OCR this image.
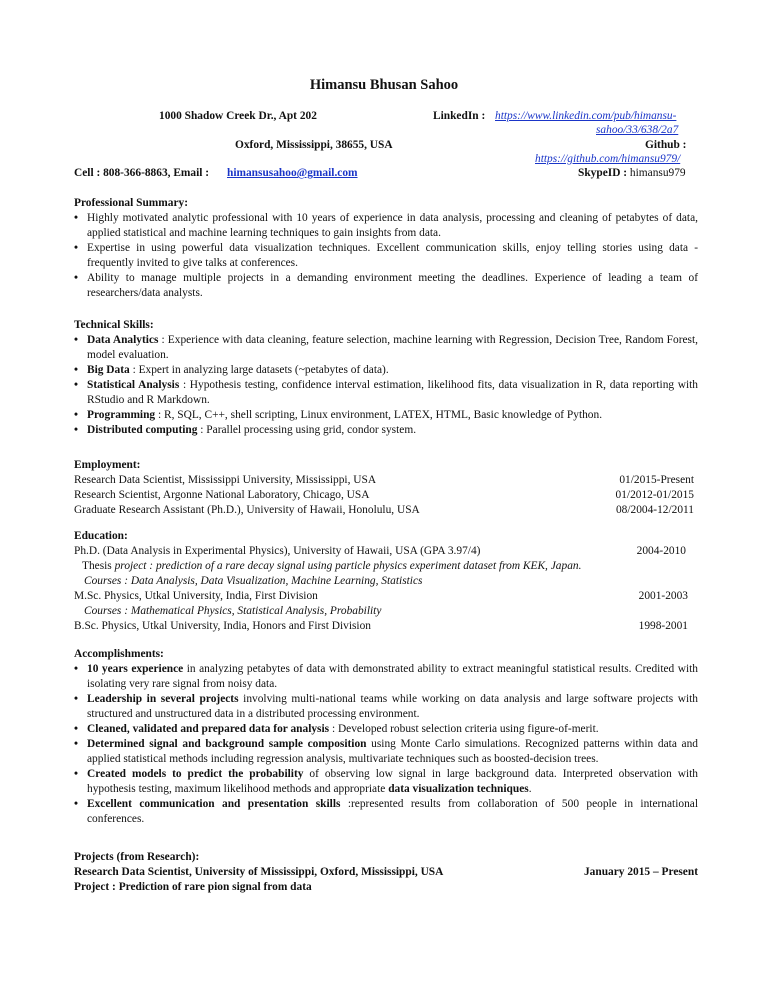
Himansu Bhusan Sahoo
1000 Shadow Creek Dr., Apt 202
Oxford, Mississippi, 38655, USA
LinkedIn : https://www.linkedin.com/pub/himansu-
sahoo/33/638/2a7
Github :
https://github.com/himansu979/
Cell : 808-366-8863, Email : himansusahoo@gmail.com	SkypeID : himansu979
Professional Summary:
• Highly motivated analytic professional with 10 years of experience in data analysis, processing and cleaning of petabytes of data, applied statistical and machine learning techniques to gain insights from data.
• Expertise in using powerful data visualization techniques. Excellent communication skills, enjoy telling stories using data - frequently invited to give talks at conferences.
• Ability to manage multiple projects in a demanding environment meeting the deadlines. Experience of leading a team of researchers/data analysts.
Technical Skills:
• Data Analytics : Experience with data cleaning, feature selection, machine learning with Regression, Decision Tree, Random Forest, model evaluation.
• Big Data : Expert in analyzing large datasets (~petabytes of data).
• Statistical Analysis : Hypothesis testing, confidence interval estimation, likelihood fits, data visualization in R, data reporting with RStudio and R Markdown.
• Programming : R, SQL, C++, shell scripting, Linux environment, LATEX, HTML, Basic knowledge of Python.
• Distributed computing : Parallel processing using grid, condor system.
Employment:
Research Data Scientist, Mississippi University, Mississippi, USA	01/2015-Present
Research Scientist, Argonne National Laboratory, Chicago, USA	01/2012-01/2015
Graduate Research Assistant (Ph.D.), University of Hawaii, Honolulu, USA	08/2004-12/2011
Education:
Ph.D. (Data Analysis in Experimental Physics), University of Hawaii, USA (GPA 3.97/4)	2004-2010
Thesis project : prediction of a rare decay signal using particle physics experiment dataset from KEK, Japan.
Courses : Data Analysis, Data Visualization, Machine Learning, Statistics
M.Sc. Physics, Utkal University, India, First Division	2001-2003
Courses : Mathematical Physics, Statistical Analysis, Probability
B.Sc. Physics, Utkal University, India, Honors and First Division	1998-2001
Accomplishments:
• 10 years experience in analyzing petabytes of data with demonstrated ability to extract meaningful statistical results. Credited with isolating very rare signal from noisy data.
• Leadership in several projects involving multi-national teams while working on data analysis and large software projects with structured and unstructured data in a distributed processing environment.
• Cleaned, validated and prepared data for analysis : Developed robust selection criteria using figure-of-merit.
• Determined signal and background sample composition using Monte Carlo simulations. Recognized patterns within data and applied statistical methods including regression analysis, multivariate techniques such as boosted-decision trees.
• Created models to predict the probability of observing low signal in large background data. Interpreted observation with hypothesis testing, maximum likelihood methods and appropriate data visualization techniques.
• Excellent communication and presentation skills :represented results from collaboration of 500 people in international conferences.
Projects (from Research):
Research Data Scientist, University of Mississippi, Oxford, Mississippi, USA	January 2015 – Present
Project : Prediction of rare pion signal from data
